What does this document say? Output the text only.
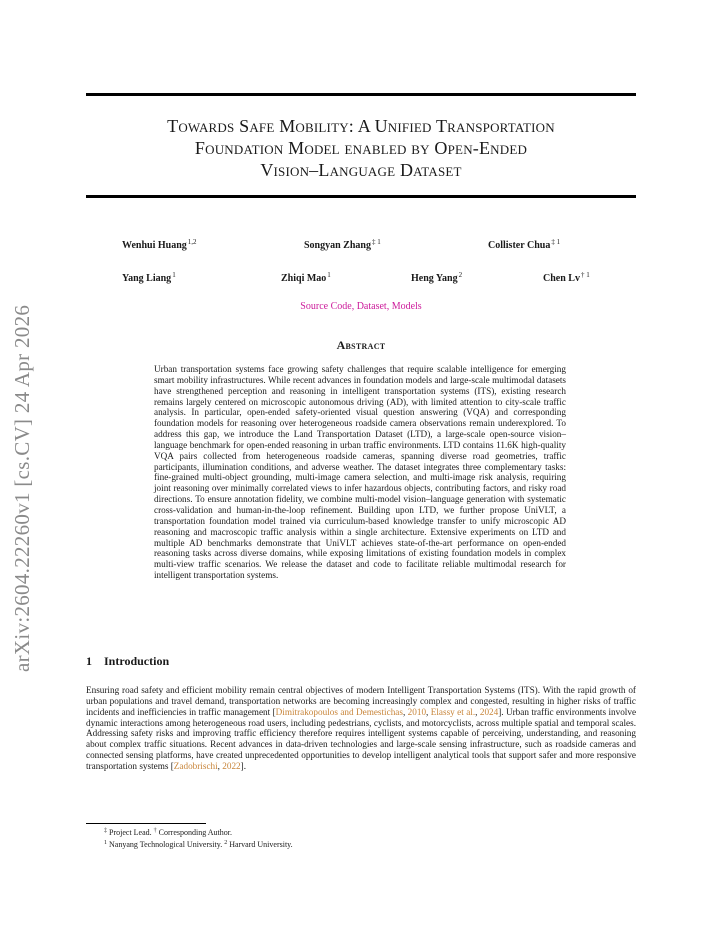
arXiv:2604.22260v1 [cs.CV] 24 Apr 2026
Towards Safe Mobility: A Unified Transportation
Foundation Model enabled by Open-Ended
Vision–Language Dataset
Wenhui Huang$^{1,2}$	Songyan Zhang$^{\ddagger 1}$	Collister Chua$^{\ddagger 1}$
Yang Liang$^1$	Zhiqi Mao$^1$	Heng Yang$^2$	Chen Lv$^{\dagger 1}$
Source Code, Dataset, Models
Abstract
Urban transportation systems face growing safety challenges that require scalable intelligence for emerging smart mobility infrastructures. While recent advances in foundation models and large-scale multimodal datasets have strengthened perception and reasoning in intelligent transportation systems (ITS), existing research remains largely centered on microscopic autonomous driving (AD), with limited attention to city-scale traffic analysis. In particular, open-ended safety-oriented visual question answering (VQA) and corresponding foundation models for reasoning over heterogeneous roadside camera observations remain underexplored. To address this gap, we introduce the Land Transportation Dataset (LTD), a large-scale open-source vision–language benchmark for open-ended reasoning in urban traffic environments. LTD contains 11.6K high-quality VQA pairs collected from heterogeneous roadside cameras, spanning diverse road geometries, traffic participants, illumination conditions, and adverse weather. The dataset integrates three complementary tasks: fine-grained multi-object grounding, multi-image camera selection, and multi-image risk analysis, requiring joint reasoning over minimally correlated views to infer hazardous objects, contributing factors, and risky road directions. To ensure annotation fidelity, we combine multi-model vision–language generation with systematic cross-validation and human-in-the-loop refinement. Building upon LTD, we further propose UniVLT, a transportation foundation model trained via curriculum-based knowledge transfer to unify microscopic AD reasoning and macroscopic traffic analysis within a single architecture. Extensive experiments on LTD and multiple AD benchmarks demonstrate that UniVLT achieves state-of-the-art performance on open-ended reasoning tasks across diverse domains, while exposing limitations of existing foundation models in complex multi-view traffic scenarios. We release the dataset and code to facilitate reliable multimodal research for intelligent transportation systems.
1 Introduction
Ensuring road safety and efficient mobility remain central objectives of modern Intelligent Transportation Systems (ITS). With the rapid growth of urban populations and travel demand, transportation networks are becoming increasingly complex and congested, resulting in higher risks of traffic incidents and inefficiencies in traffic management [Dimitrakopoulos and Demestichas, 2010, Elassy et al., 2024]. Urban traffic environments involve dynamic interactions among heterogeneous road users, including pedestrians, cyclists, and motorcyclists, across multiple spatial and temporal scales. Addressing safety risks and improving traffic efficiency therefore requires intelligent systems capable of perceiving, understanding, and reasoning about complex traffic situations. Recent advances in data-driven technologies and large-scale sensing infrastructure, such as roadside cameras and connected sensing platforms, have created unprecedented opportunities to develop intelligent analytical tools that support safer and more responsive transportation systems [Zadobrischi, 2022].
‡ Project Lead. † Corresponding Author.
$^1$ Nanyang Technological University. $^2$ Harvard University.
